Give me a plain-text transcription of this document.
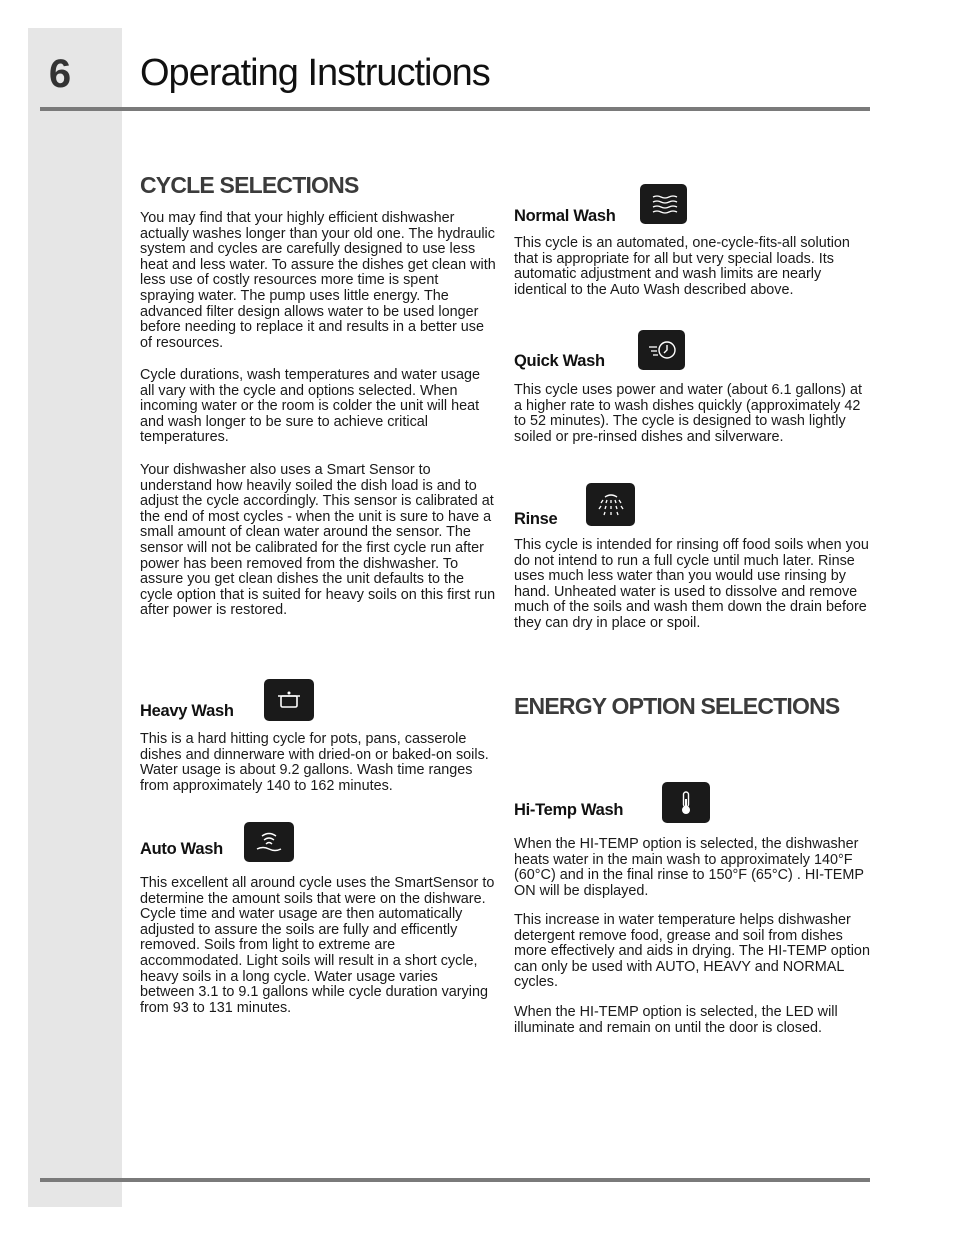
6 Operating Instructions
CYCLE SELECTIONS

You may find that your highly efficient dishwasher actually washes longer than your old one. The hydraulic system and cycles are carefully designed to use less heat and less water. To assure the dishes get clean with less use of costly resources more time is spent spraying water. The pump uses little energy. The advanced filter design allows water to be used longer before needing to replace it and results in a better use of resources.

Cycle durations, wash temperatures and water usage all vary with the cycle and options selected. When incoming water or the room is colder the unit will heat and wash longer to be sure to achieve critical temperatures.

Your dishwasher also uses a Smart Sensor to understand how heavily soiled the dish load is and to adjust the cycle accordingly. This sensor is calibrated at the end of most cycles - when the unit is sure to have a small amount of clean water around the sensor. The sensor will not be calibrated for the first cycle run after power has been removed from the dishwasher. To assure you get clean dishes the unit defaults to the cycle option that is suited for heavy soils on this first run after power is restored.

Heavy Wash

This is a hard hitting cycle for pots, pans, casserole dishes and dinnerware with dried-on or baked-on soils. Water usage is about 9.2 gallons. Wash time ranges from approximately 140 to 162 minutes.

Auto Wash

This excellent all around cycle uses the SmartSensor to determine the amount soils that were on the dishware. Cycle time and water usage are then automatically adjusted to assure the soils are fully and efficently removed. Soils from light to extreme are accommodated. Light soils will result in a short cycle, heavy soils in a long cycle. Water usage varies between 3.1 to 9.1 gallons while cycle duration varying from 93 to 131 minutes.

Normal Wash

This cycle is an automated, one-cycle-fits-all solution that is appropriate for all but very special loads. Its automatic adjustment and wash limits are nearly identical to the Auto Wash described above.

Quick Wash

This cycle uses power and water (about 6.1 gallons) at a higher rate to wash dishes quickly (approximately 42 to 52 minutes). The cycle is designed to wash lightly soiled or pre-rinsed dishes and silverware.

Rinse

This cycle is intended for rinsing off food soils when you do not intend to run a full cycle until much later. Rinse uses much less water than you would use rinsing by hand. Unheated water is used to dissolve and remove much of the soils and wash them down the drain before they can dry in place or spoil.

ENERGY OPTION SELECTIONS
Hi-Temp Wash

When the HI-TEMP option is selected, the dishwasher heats water in the main wash to approximately 140°F (60°C) and in the final rinse to 150°F (65°C) . HI-TEMP ON will be displayed.

This increase in water temperature helps dishwasher detergent remove food, grease and soil from dishes more effectively and aids in drying. The HI-TEMP option can only be used with AUTO, HEAVY and NORMAL cycles.

When the HI-TEMP option is selected, the LED will illuminate and remain on until the door is closed.
